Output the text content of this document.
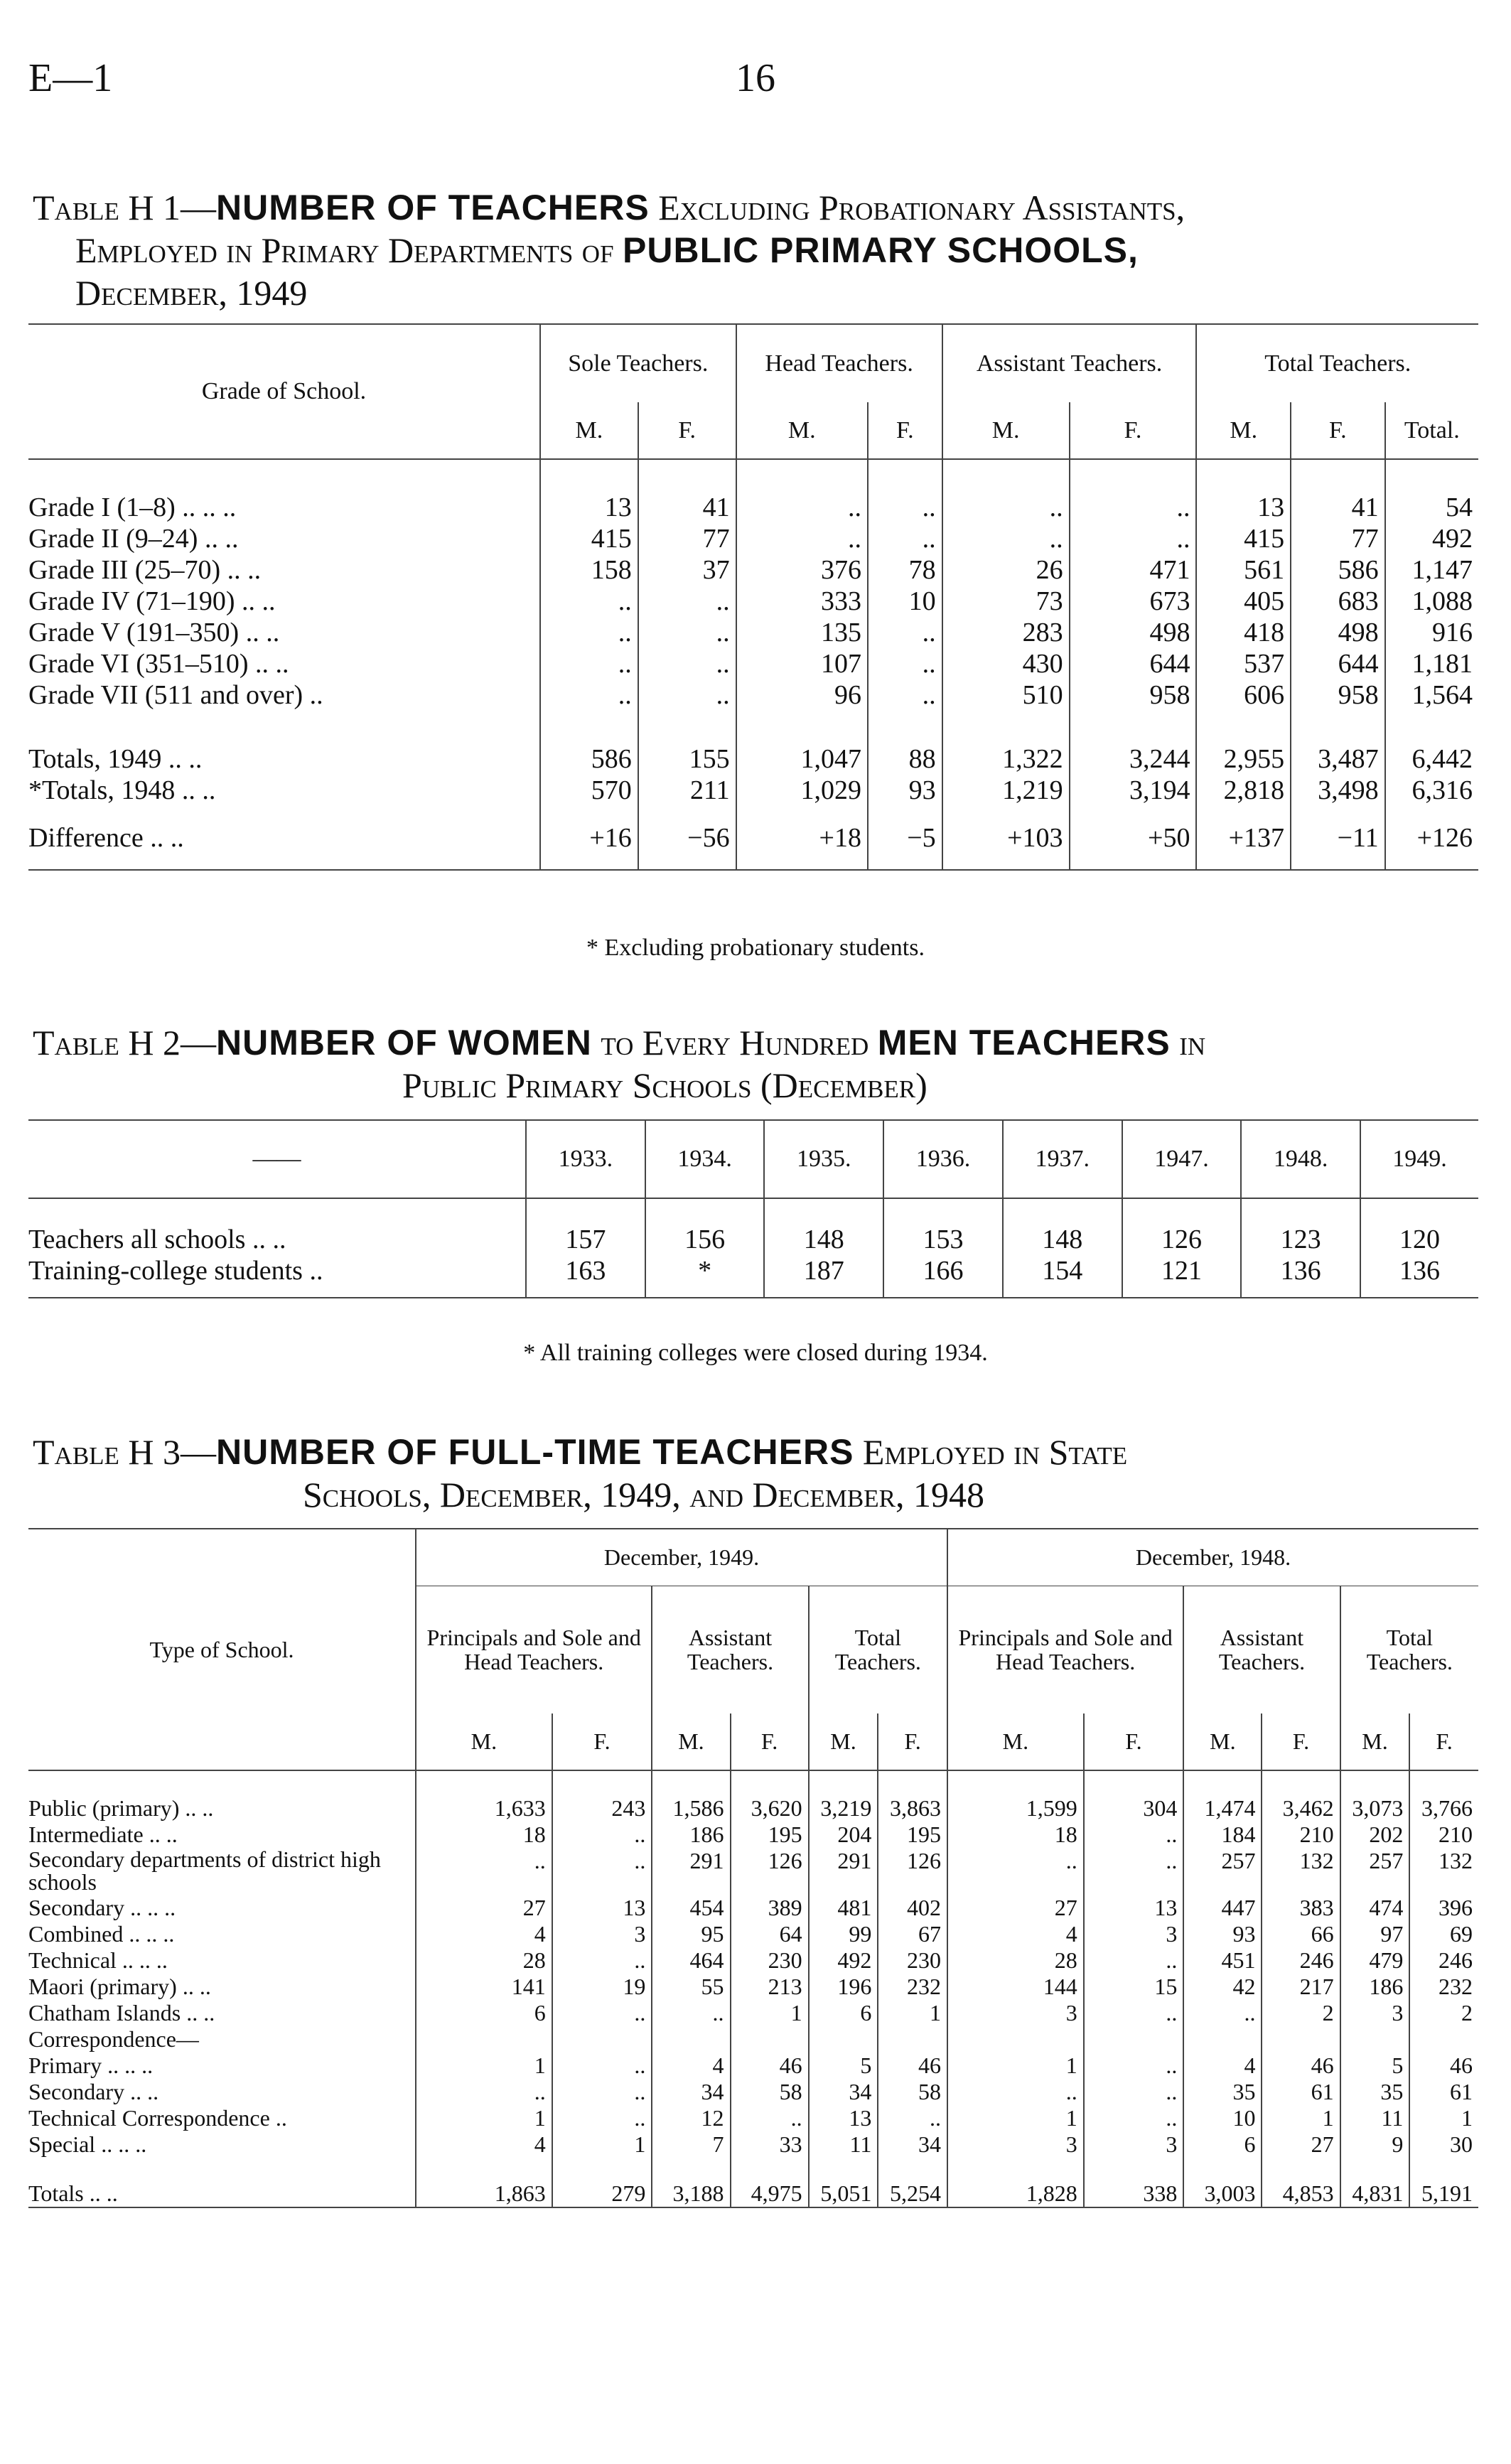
E—1	16
Table H 1—NUMBER OF TEACHERS Excluding Probationary Assistants,
Employed in Primary Departments of PUBLIC PRIMARY SCHOOLS,
December, 1949
Grade of School.	Sole Teachers.		Head Teachers.		Assistant Teachers.		Total Teachers.		
	M.	F.	M.	F.	M.	F.	M.	F.	Total.
Grade I (1–8) .. .. ..	13	41	..	..	..	..	13	41	54
Grade II (9–24) .. ..	415	77	..	..	..	..	415	77	492
Grade III (25–70) .. ..	158	37	376	78	26	471	561	586	1,147
Grade IV (71–190) .. ..	..	..	333	10	73	673	405	683	1,088
Grade V (191–350) .. ..	..	..	135	..	283	498	418	498	916
Grade VI (351–510) .. ..	..	..	107	..	430	644	537	644	1,181
Grade VII (511 and over) ..	..	..	96	..	510	958	606	958	1,564
Totals, 1949 .. ..	586	155	1,047	88	1,322	3,244	2,955	3,487	6,442
*Totals, 1948 .. ..	570	211	1,029	93	1,219	3,194	2,818	3,498	6,316
Difference .. ..	+16	−56	+18	−5	+103	+50	+137	−11	+126
* Excluding probationary students.
Table H 2—NUMBER OF WOMEN to Every Hundred MEN TEACHERS in
Public Primary Schools (December)
——	1933.	1934.	1935.	1936.	1937.	1947.	1948.	1949.
Teachers all schools .. ..	157	156	148	153	148	126	123	120
Training-college students ..	163	*	187	166	154	121	136	136
* All training colleges were closed during 1934.
Table H 3—NUMBER OF FULL-TIME TEACHERS Employed in State
Schools, December, 1949, and December, 1948
Type of School.	December, 1949.						December, 1948.					
	Principals and Sole and Head Teachers.		Assistant Teachers.		Total Teachers.		Principals and Sole and Head Teachers.		Assistant Teachers.		Total Teachers.	
	M.	F.	M.	F.	M.	F.	M.	F.	M.	F.	M.	F.
Public (primary) .. ..	1,633	243	1,586	3,620	3,219	3,863	1,599	304	1,474	3,462	3,073	3,766
Intermediate .. ..	18	..	186	195	204	195	18	..	184	210	202	210
Secondary departments of district high schools	..	..	291	126	291	126	..	..	257	132	257	132
Secondary .. .. ..	27	13	454	389	481	402	27	13	447	383	474	396
Combined .. .. ..	4	3	95	64	99	67	4	3	93	66	97	69
Technical .. .. ..	28	..	464	230	492	230	28	..	451	246	479	246
Maori (primary) .. ..	141	19	55	213	196	232	144	15	42	217	186	232
Chatham Islands .. ..	6	..	..	1	6	1	3	..	..	2	3	2
Correspondence—												
Primary .. .. ..	1	..	4	46	5	46	1	..	4	46	5	46
Secondary .. ..	..	..	34	58	34	58	..	..	35	61	35	61
Technical Correspondence ..	1	..	12	..	13	..	1	..	10	1	11	1
Special .. .. ..	4	1	7	33	11	34	3	3	6	27	9	30
Totals .. ..	1,863	279	3,188	4,975	5,051	5,254	1,828	338	3,003	4,853	4,831	5,191
